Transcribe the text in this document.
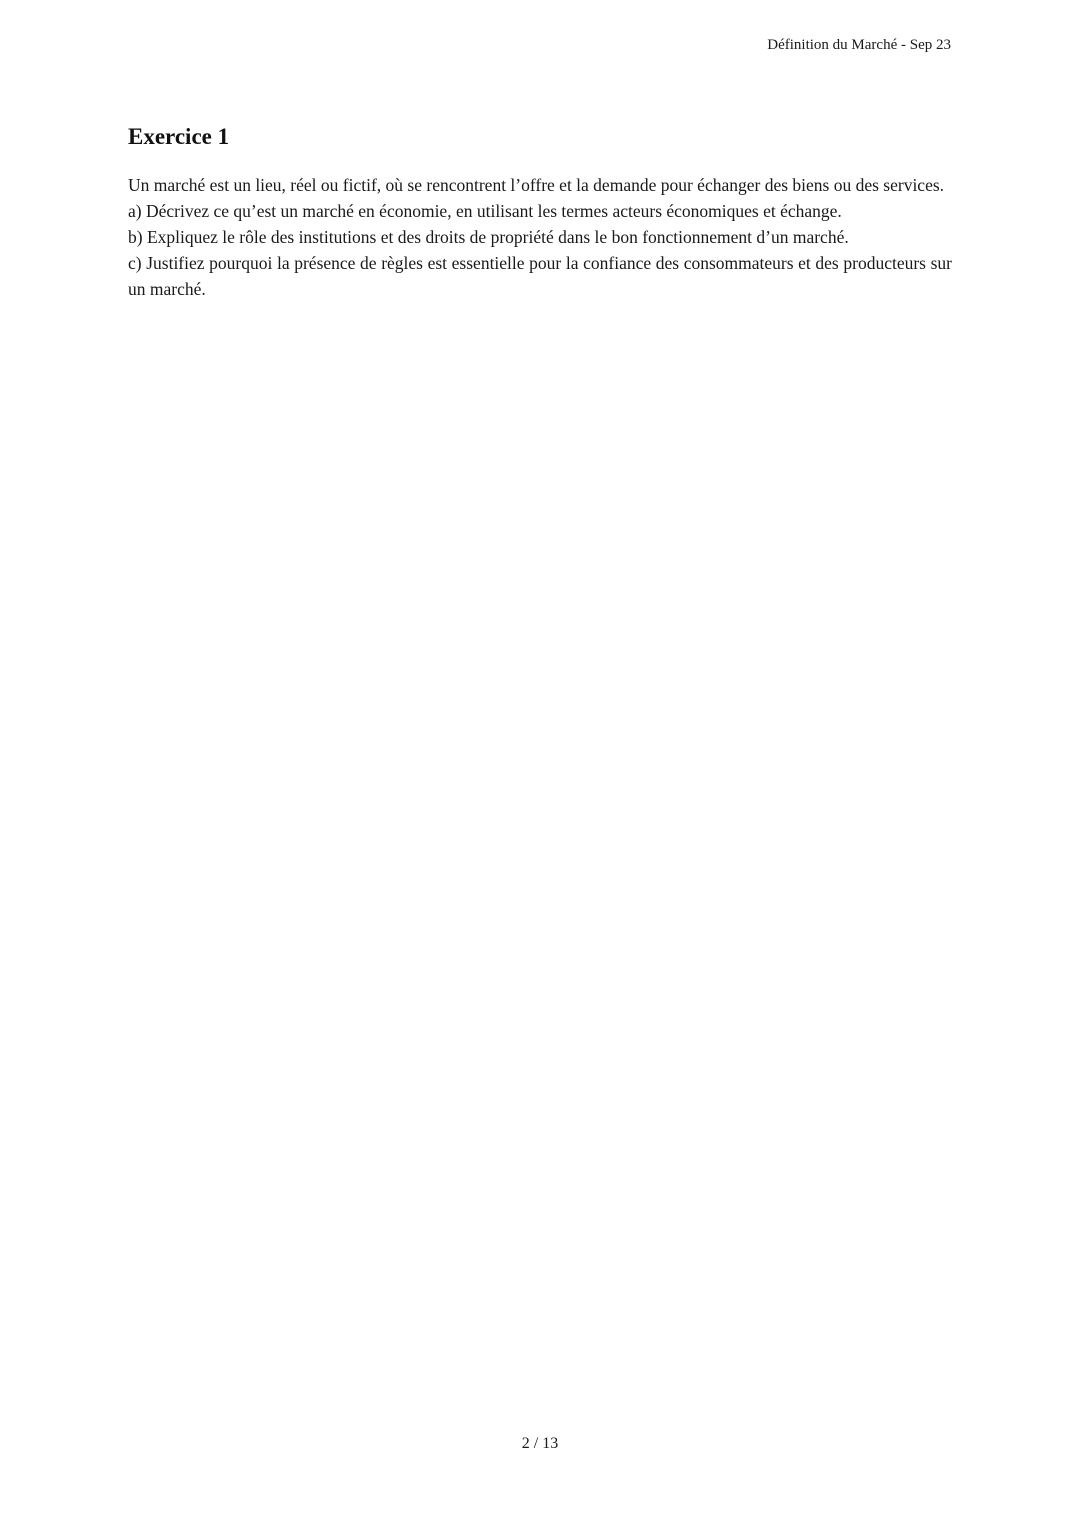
Définition du Marché - Sep 23
Exercice 1

Un marché est un lieu, réel ou fictif, où se rencontrent l’offre et la demande pour échanger des biens ou des services.

a) Décrivez ce qu’est un marché en économie, en utilisant les termes acteurs économiques et échange.

b) Expliquez le rôle des institutions et des droits de propriété dans le bon fonctionnement d’un marché.

c) Justifiez pourquoi la présence de règles est essentielle pour la confiance des consommateurs et des producteurs sur un marché.

2 / 13
